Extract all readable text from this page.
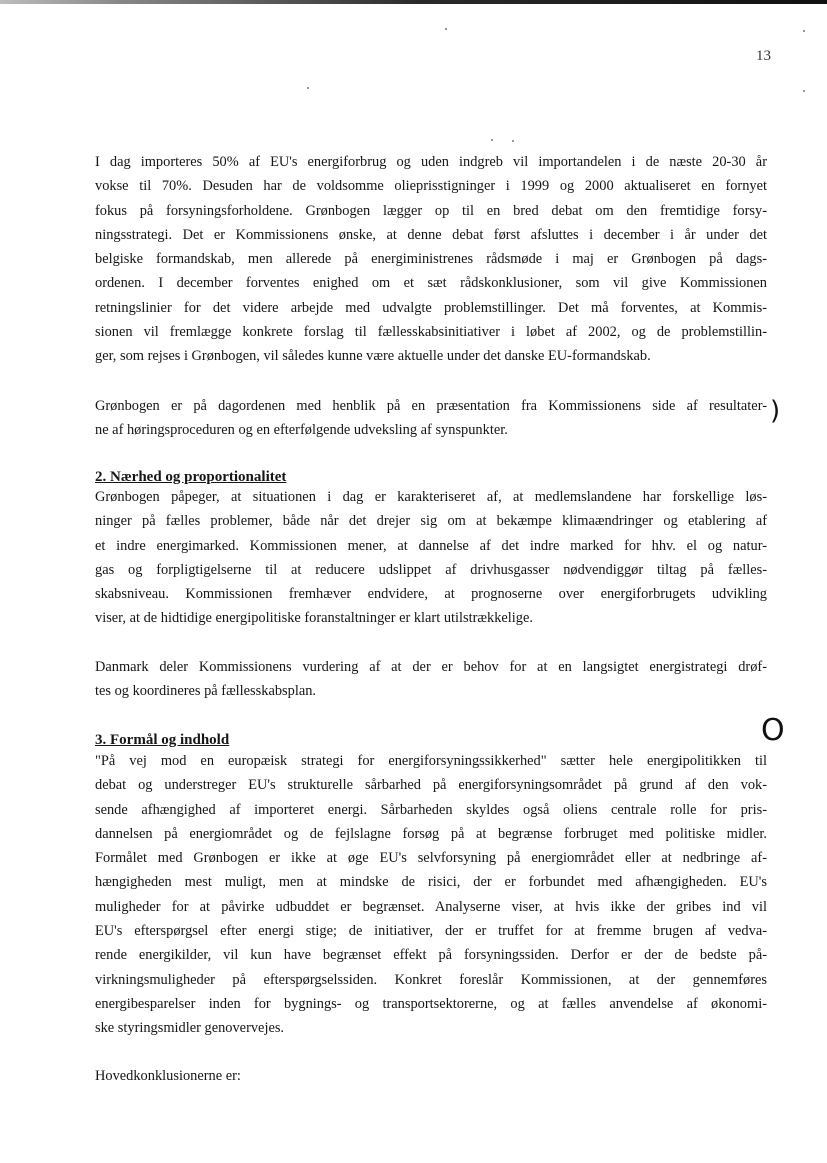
13
I dag importeres 50% af EU's energiforbrug og uden indgreb vil importandelen i de næste 20-30 år
vokse til 70%. Desuden har de voldsomme olieprisstigninger i 1999 og 2000 aktualiseret en fornyet
fokus på forsyningsforholdene. Grønbogen lægger op til en bred debat om den fremtidige forsy-
ningsstrategi. Det er Kommissionens ønske, at denne debat først afsluttes i december i år under det
belgiske formandskab, men allerede på energiministrenes rådsmøde i maj er Grønbogen på dags-
ordenen. I december forventes enighed om et sæt rådskonklusioner, som vil give Kommissionen
retningslinier for det videre arbejde med udvalgte problemstillinger. Det må forventes, at Kommis-
sionen vil fremlægge konkrete forslag til fællesskabsinitiativer i løbet af 2002, og de problemstillin-
ger, som rejses i Grønbogen, vil således kunne være aktuelle under det danske EU-formandskab.
Grønbogen er på dagordenen med henblik på en præsentation fra Kommissionens side af resultater-
ne af høringsproceduren og en efterfølgende udveksling af synspunkter.
2. Nærhed og proportionalitet
Grønbogen påpeger, at situationen i dag er karakteriseret af, at medlemslandene har forskellige løs-
ninger på fælles problemer, både når det drejer sig om at bekæmpe klimaændringer og etablering af
et indre energimarked. Kommissionen mener, at dannelse af det indre marked for hhv. el og natur-
gas og forpligtigelserne til at reducere udslippet af drivhusgasser nødvendiggør tiltag på fælles-
skabsniveau. Kommissionen fremhæver endvidere, at prognoserne over energiforbrugets udvikling
viser, at de hidtidige energipolitiske foranstaltninger er klart utilstrækkelige.
Danmark deler Kommissionens vurdering af at der er behov for at en langsigtet energistrategi drøf-
tes og koordineres på fællesskabsplan.
3. Formål og indhold
"På vej mod en europæisk strategi for energiforsyningssikkerhed" sætter hele energipolitikken til
debat og understreger EU's strukturelle sårbarhed på energiforsyningsområdet på grund af den vok-
sende afhængighed af importeret energi. Sårbarheden skyldes også oliens centrale rolle for pris-
dannelsen på energiområdet og de fejlslagne forsøg på at begrænse forbruget med politiske midler.
Formålet med Grønbogen er ikke at øge EU's selvforsyning på energiområdet eller at nedbringe af-
hængigheden mest muligt, men at mindske de risici, der er forbundet med afhængigheden. EU's
muligheder for at påvirke udbuddet er begrænset. Analyserne viser, at hvis ikke der gribes ind vil
EU's efterspørgsel efter energi stige; de initiativer, der er truffet for at fremme brugen af vedva-
rende energikilder, vil kun have begrænset effekt på forsyningssiden. Derfor er der de bedste på-
virkningsmuligheder på efterspørgselssiden. Konkret foreslår Kommissionen, at der gennemføres
energibesparelser inden for bygnings- og transportsektorerne, og at fælles anvendelse af økonomi-
ske styringsmidler genovervejes.
Hovedkonklusionerne er:
)
O
